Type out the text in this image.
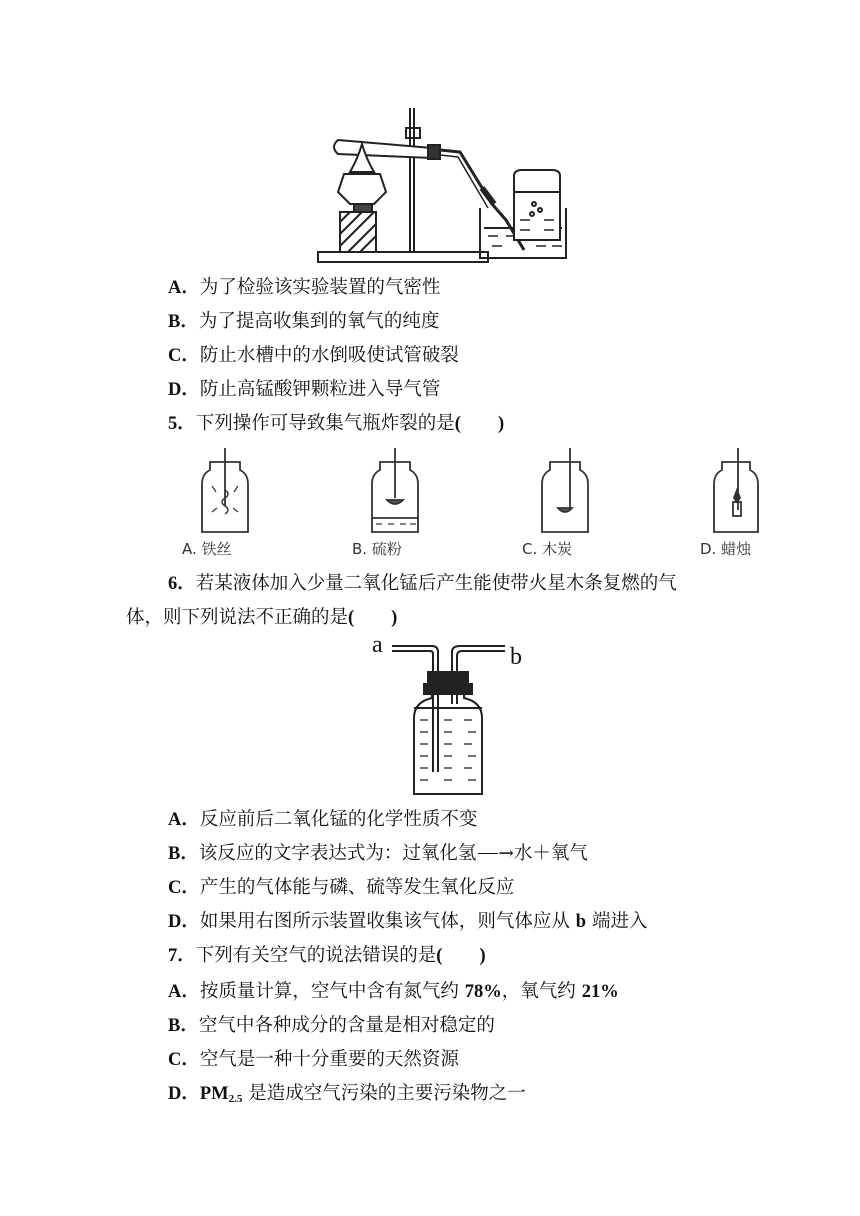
A．为了检验该实验装置的气密性
B．为了提高收集到的氧气的纯度
C．防止水槽中的水倒吸使试管破裂
D．防止高锰酸钾颗粒进入导气管
5．下列操作可导致集气瓶炸裂的是(　　)
A. 铁丝	B. 硫粉	C. 木炭	D. 蜡烛
6．若某液体加入少量二氧化锰后产生能使带火星木条复燃的气
体，则下列说法不正确的是(　　)
a	b
A．反应前后二氧化锰的化学性质不变
B．该反应的文字表达式为：过氧化氢 →水＋氧气
C．产生的气体能与磷、硫等发生氧化反应
D．如果用右图所示装置收集该气体，则气体应从 b 端进入
7．下列有关空气的说法错误的是(　　)
A．按质量计算，空气中含有氮气约 78%，氧气约 21%
B．空气中各种成分的含量是相对稳定的
C．空气是一种十分重要的天然资源
D．$PM_{2.5}$ 是造成空气污染的主要污染物之一
